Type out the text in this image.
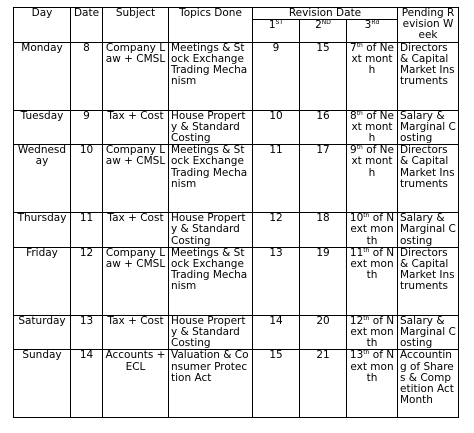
Day	Date	Subject	Topics Done	Revision Date			Pending Revision Week
				1ST	2ND	3Rd
Monday	8	Company Law + CMSL	Meetings & Stock Exchange Trading Mechanism	9	15	7th of Next month	Directors & Capital Market Instruments
Tuesday	9	Tax + Cost	House Property & Standard Costing	10	16	8th of Next month	Salary & Marginal Costing
Wednesday	10	Company Law + CMSL	Meetings & Stock Exchange Trading Mechanism	11	17	9th of Next month	Directors & Capital Market Instruments
Thursday	11	Tax + Cost	House Property & Standard Costing	12	18	10th of Next month	Salary & Marginal Costing
Friday	12	Company Law + CMSL	Meetings & Stock Exchange Trading Mechanism	13	19	11th of Next month	Directors & Capital Market Instruments
Saturday	13	Tax + Cost	House Property & Standard Costing	14	20	12th of Next month	Salary & Marginal Costing
Sunday	14	Accounts + ECL	Valuation & Consumer Protection Act	15	21	13th of Next month	Accounting of Shares & Competition Act Month
